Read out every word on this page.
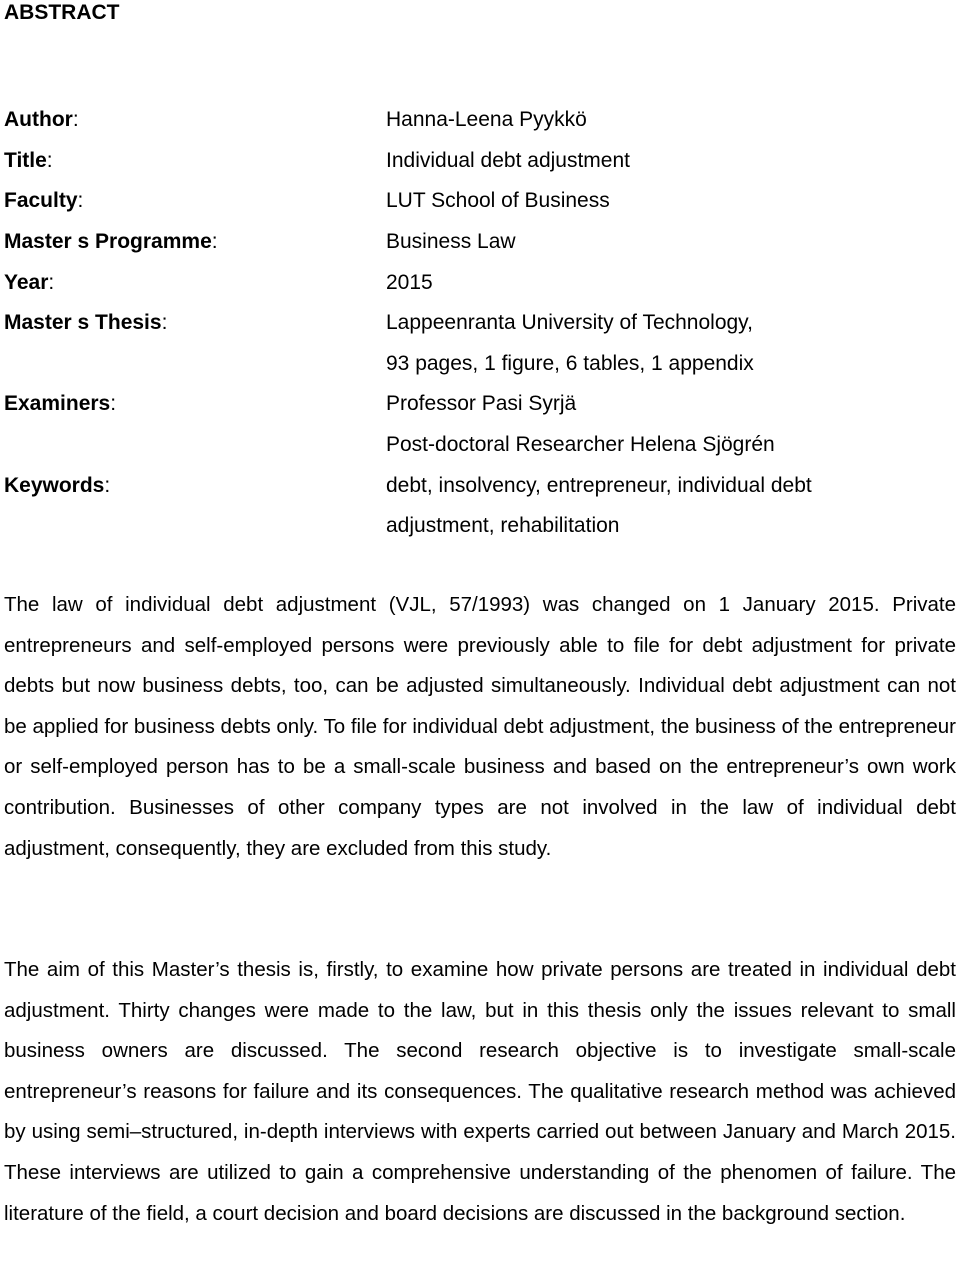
ABSTRACT
Author:	Hanna-Leena Pyykkö
Title:	Individual debt adjustment
Faculty:	LUT School of Business
Master s Programme:	Business Law
Year:	2015
Master s Thesis:	Lappeenranta University of Technology,
93 pages, 1 figure, 6 tables, 1 appendix
Examiners:	Professor Pasi Syrjä
Post-doctoral Researcher Helena Sjögrén
Keywords:	debt, insolvency, entrepreneur, individual debt
adjustment, rehabilitation

The law of individual debt adjustment (VJL, 57/1993) was changed on 1 January 2015. Private entrepreneurs and self-employed persons were previously able to file for debt adjustment for private debts but now business debts, too, can be adjusted simultaneously. Individual debt adjustment can not be applied for business debts only. To file for individual debt adjustment, the business of the entrepreneur or self-employed person has to be a small-scale business and based on the entrepreneur’s own work contribution. Businesses of other company types are not involved in the law of individual debt adjustment, consequently, they are excluded from this study.

The aim of this Master’s thesis is, firstly, to examine how private persons are treated in individual debt adjustment. Thirty changes were made to the law, but in this thesis only the issues relevant to small business owners are discussed. The second research objective is to investigate small-scale entrepreneur’s reasons for failure and its consequences. The qualitative research method was achieved by using semi–structured, in-depth interviews with experts carried out between January and March 2015. These interviews are utilized to gain a comprehensive understanding of the phenomen of failure. The literature of the field, a court decision and board decisions are discussed in the background section.
